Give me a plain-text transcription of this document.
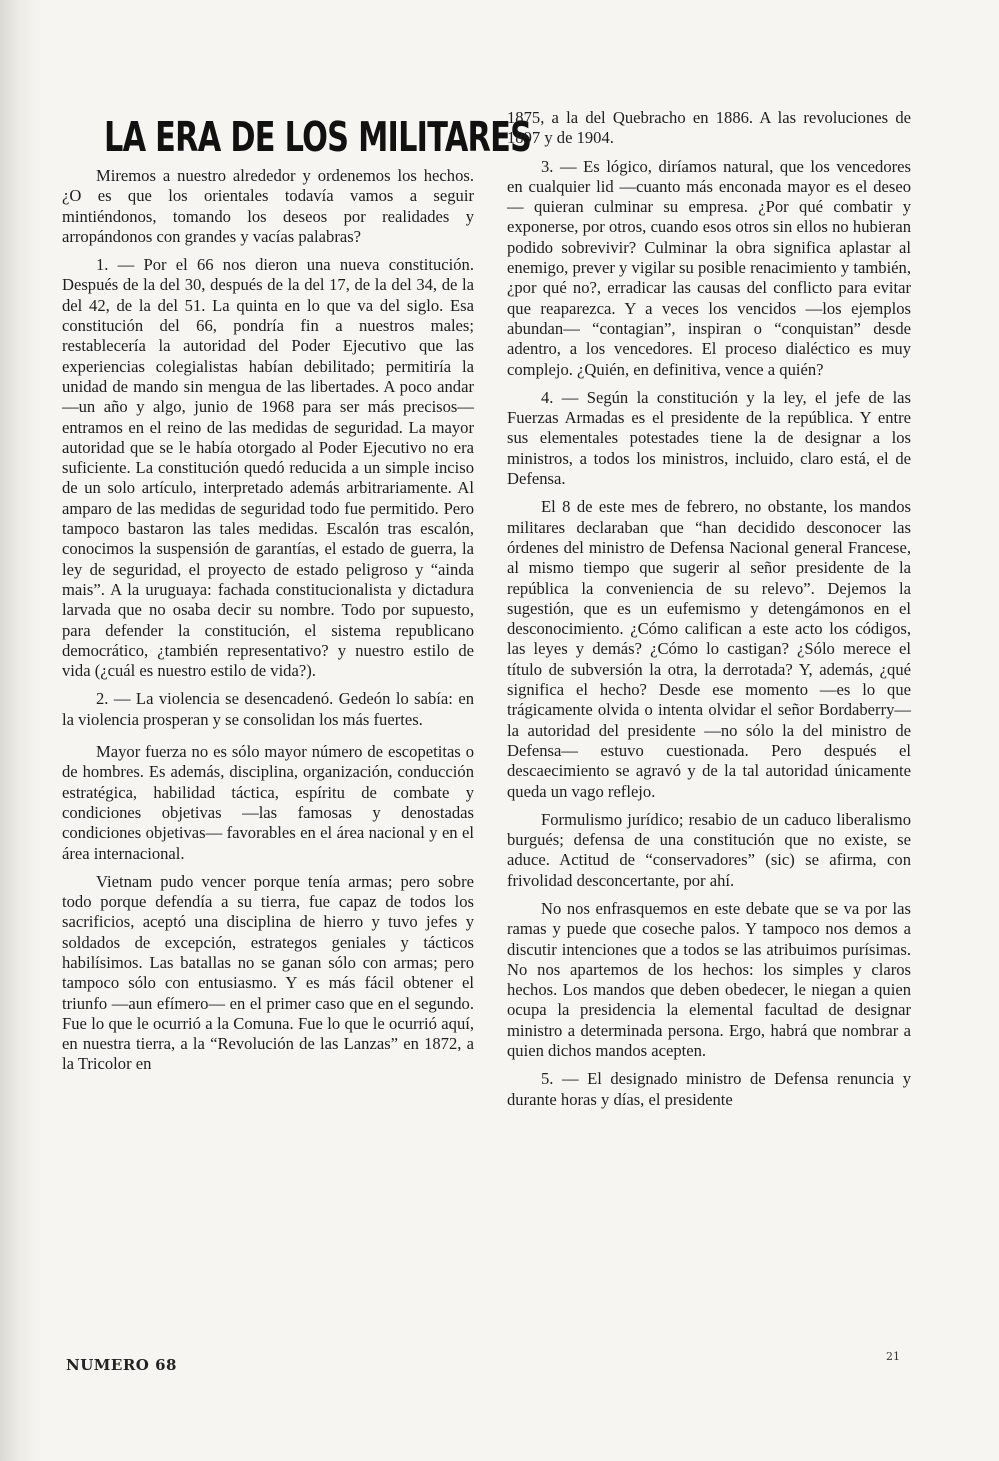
LA ERA DE LOS MILITARES

Miremos a nuestro alrededor y ordenemos los hechos. ¿O es que los orientales todavía vamos a seguir mintiéndonos, tomando los deseos por realidades y arropándonos con grandes y vacías palabras?

1. — Por el 66 nos dieron una nueva constitución. Después de la del 30, después de la del 17, de la del 34, de la del 42, de la del 51. La quinta en lo que va del siglo. Esa constitución del 66, pondría fin a nuestros males; restablecería la autoridad del Poder Ejecutivo que las experiencias colegialistas habían debilitado; permitiría la unidad de mando sin mengua de las libertades. A poco andar —un año y algo, junio de 1968 para ser más precisos— entramos en el reino de las medidas de seguridad. La mayor autoridad que se le había otorgado al Poder Ejecutivo no era suficiente. La constitución quedó reducida a un simple inciso de un solo artículo, interpretado además arbitrariamente. Al amparo de las medidas de seguridad todo fue permitido. Pero tampoco bastaron las tales medidas. Escalón tras escalón, conocimos la suspensión de garantías, el estado de guerra, la ley de seguridad, el proyecto de estado peligroso y “ainda mais”. A la uruguaya: fachada constitucionalista y dictadura larvada que no osaba decir su nombre. Todo por supuesto, para defender la constitución, el sistema republicano democrático, ¿también representativo? y nuestro estilo de vida (¿cuál es nuestro estilo de vida?).

2. — La violencia se desencadenó. Gedeón lo sabía: en la violencia prosperan y se consolidan los más fuertes.

Mayor fuerza no es sólo mayor número de escopetitas o de hombres. Es además, disciplina, organización, conducción estratégica, habilidad táctica, espíritu de combate y condiciones objetivas —las famosas y denostadas condiciones objetivas— favorables en el área nacional y en el área internacional.

Vietnam pudo vencer porque tenía armas; pero sobre todo porque defendía a su tierra, fue capaz de todos los sacrificios, aceptó una disciplina de hierro y tuvo jefes y soldados de excepción, estrategos geniales y tácticos habilísimos. Las batallas no se ganan sólo con armas; pero tampoco sólo con entusiasmo. Y es más fácil obtener el triunfo —aun efímero— en el primer caso que en el segundo. Fue lo que le ocurrió a la Comuna. Fue lo que le ocurrió aquí, en nuestra tierra, a la “Revolución de las Lanzas” en 1872, a la Tricolor en

1875, a la del Quebracho en 1886. A las revoluciones de 1897 y de 1904.

3. — Es lógico, diríamos natural, que los vencedores en cualquier lid —cuanto más enconada mayor es el deseo— quieran culminar su empresa. ¿Por qué combatir y exponerse, por otros, cuando esos otros sin ellos no hubieran podido sobrevivir? Culminar la obra significa aplastar al enemigo, prever y vigilar su posible renacimiento y también, ¿por qué no?, erradicar las causas del conflicto para evitar que reaparezca. Y a veces los vencidos —los ejemplos abundan— “contagian”, inspiran o “conquistan” desde adentro, a los vencedores. El proceso dialéctico es muy complejo. ¿Quién, en definitiva, vence a quién?

4. — Según la constitución y la ley, el jefe de las Fuerzas Armadas es el presidente de la república. Y entre sus elementales potestades tiene la de designar a los ministros, a todos los ministros, incluido, claro está, el de Defensa.

El 8 de este mes de febrero, no obstante, los mandos militares declaraban que “han decidido desconocer las órdenes del ministro de Defensa Nacional general Francese, al mismo tiempo que sugerir al señor presidente de la república la conveniencia de su relevo”. Dejemos la sugestión, que es un eufemismo y detengámonos en el desconocimiento. ¿Cómo califican a este acto los códigos, las leyes y demás? ¿Cómo lo castigan? ¿Sólo merece el título de subversión la otra, la derrotada? Y, además, ¿qué significa el hecho? Desde ese momento —es lo que trágicamente olvida o intenta olvidar el señor Bordaberry— la autoridad del presidente —no sólo la del ministro de Defensa— estuvo cuestionada. Pero después el descaecimiento se agravó y de la tal autoridad únicamente queda un vago reflejo.

Formulismo jurídico; resabio de un caduco liberalismo burgués; defensa de una constitución que no existe, se aduce. Actitud de “conservadores” (sic) se afirma, con frivolidad desconcertante, por ahí.

No nos enfrasquemos en este debate que se va por las ramas y puede que coseche palos. Y tampoco nos demos a discutir intenciones que a todos se las atribuimos purísimas. No nos apartemos de los hechos: los simples y claros hechos. Los mandos que deben obedecer, le niegan a quien ocupa la presidencia la elemental facultad de designar ministro a determinada persona. Ergo, habrá que nombrar a quien dichos mandos acepten.

5. — El designado ministro de Defensa renuncia y durante horas y días, el presidente

NUMERO 68	21
